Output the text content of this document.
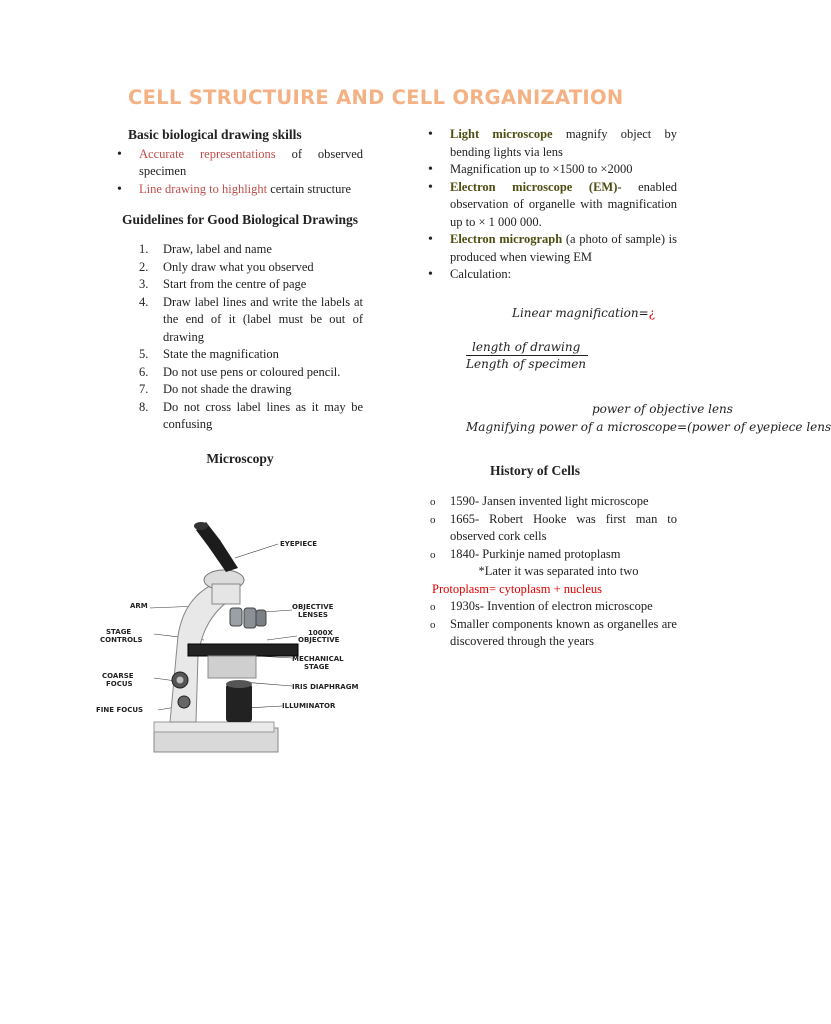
CELL STRUCTUIRE AND CELL ORGANIZATION
Basic biological drawing skills
• Accurate representations of observed specimen
• Line drawing to highlight certain structure
Guidelines for Good Biological Drawings
1. Draw, label and name
2. Only draw what you observed
3. Start from the centre of page
4. Draw label lines and write the labels at the end of it (label must be out of drawing
5. State the magnification
6. Do not use pens or coloured pencil.
7. Do not shade the drawing
8. Do not cross label lines as it may be confusing
Microscopy
EYEPIECE
ARM	OBJECTIVE
LENSES
STAGE
CONTROLS
1000X
OBJECTIVE
MECHANICAL
STAGE
COARSE
FOCUS	IRIS DIAPHRAGM
FINE FOCUS	ILLUMINATOR
• Light microscope magnify object by bending lights via lens
• Magnification up to ×1500 to ×2000
• Electron microscope (EM)- enabled observation of organelle with magnification up to × 1 000 000.
• Electron micrograph (a photo of sample) is produced when viewing EM
• Calculation:
Linear magnification=¿
length of drawing
Length of specimen
power of objective lens
Magnifying power of a microscope=(power of eyepiece lens
History of Cells
o 1590- Jansen invented light microscope
o 1665- Robert Hooke was first man to observed cork cells
o 1840- Purkinje named protoplasm
*Later it was separated into two
Protoplasm= cytoplasm + nucleus
o 1930s- Invention of electron microscope
o Smaller components known as organelles are discovered through the years
